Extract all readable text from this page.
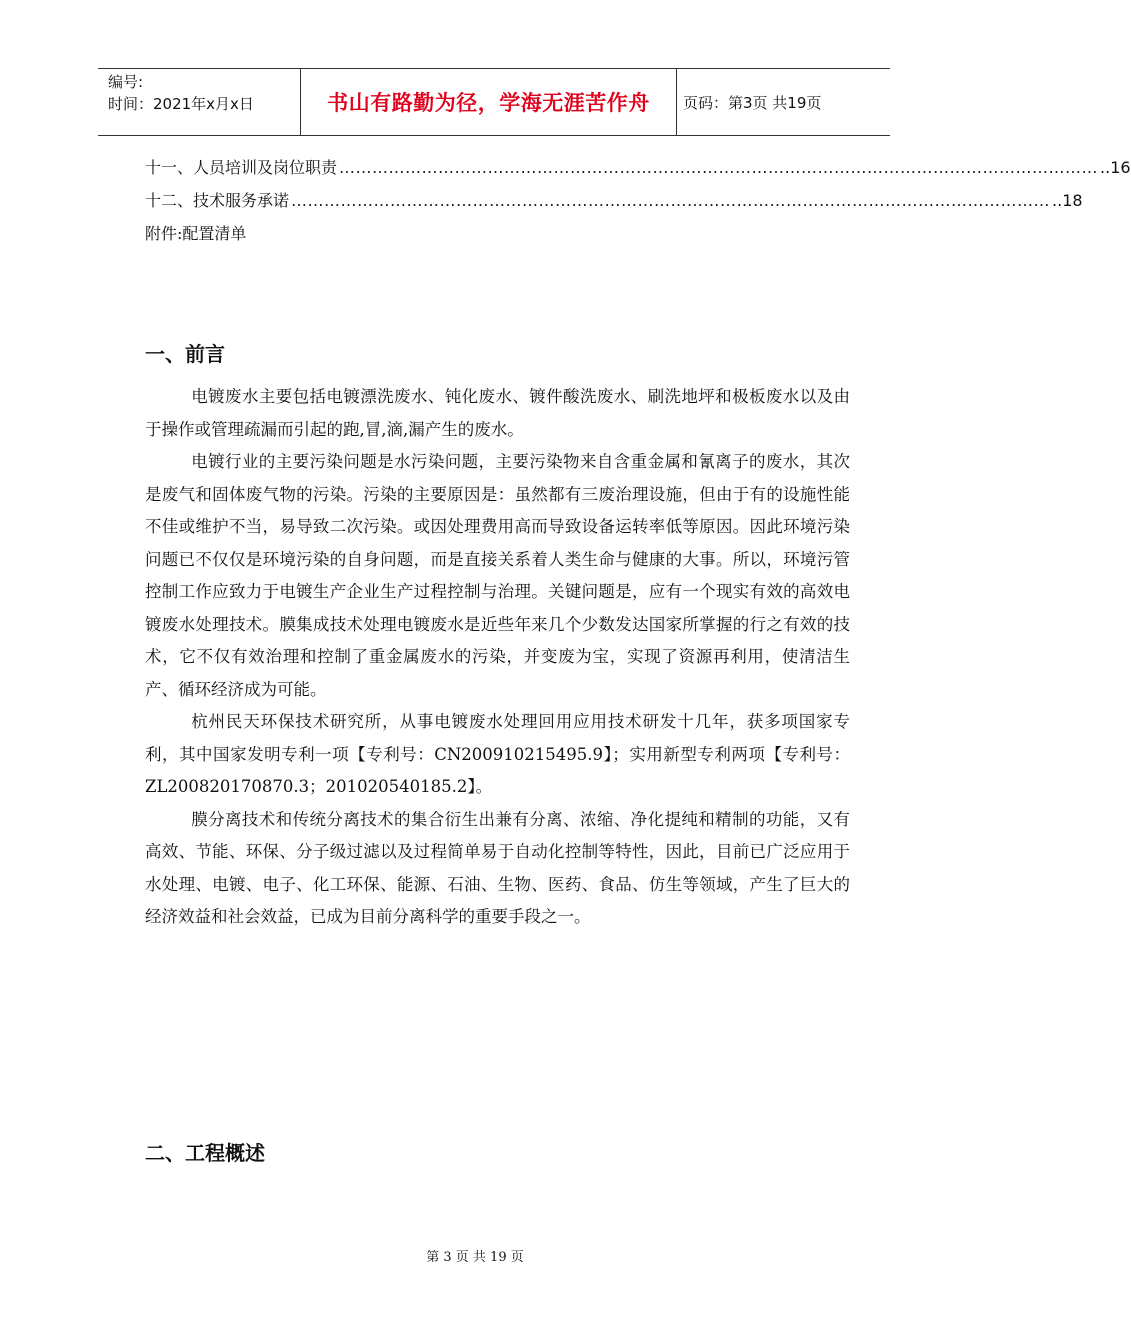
编号:
时间：2021年x月x日	书山有路勤为径，学海无涯苦作舟	页码：第3页 共19页
十一、人员培训及岗位职责 ………………………………………………………………………………………………………………………… ..16
十二、技术服务承诺 ………………………………………………………………………………………………………………………… ..18
附件:配置清单
一、前言

电镀废水主要包括电镀漂洗废水、钝化废水、镀件酸洗废水、刷洗地坪和极板废水以及由于操作或管理疏漏而引起的跑,冒,滴,漏产生的废水。

电镀行业的主要污染问题是水污染问题，主要污染物来自含重金属和氰离子的废水，其次是废气和固体废气物的污染。污染的主要原因是：虽然都有三废治理设施，但由于有的设施性能不佳或维护不当，易导致二次污染。或因处理费用高而导致设备运转率低等原因。因此环境污染问题已不仅仅是环境污染的自身问题，而是直接关系着人类生命与健康的大事。所以，环境污管控制工作应致力于电镀生产企业生产过程控制与治理。关键问题是，应有一个现实有效的高效电镀废水处理技术。膜集成技术处理电镀废水是近些年来几个少数发达国家所掌握的行之有效的技术，它不仅有效治理和控制了重金属废水的污染，并变废为宝，实现了资源再利用，使清洁生产、循环经济成为可能。

杭州民天环保技术研究所，从事电镀废水处理回用应用技术研发十几年，获多项国家专利，其中国家发明专利一项【专利号：CN200910215495.9】；实用新型专利两项【专利号：ZL200820170870.3；201020540185.2】。

膜分离技术和传统分离技术的集合衍生出兼有分离、浓缩、净化提纯和精制的功能，又有高效、节能、环保、分子级过滤以及过程简单易于自动化控制等特性，因此，目前已广泛应用于水处理、电镀、电子、化工环保、能源、石油、生物、医药、食品、仿生等领域，产生了巨大的经济效益和社会效益，已成为目前分离科学的重要手段之一。

二、工程概述
第 3 页 共 19 页
